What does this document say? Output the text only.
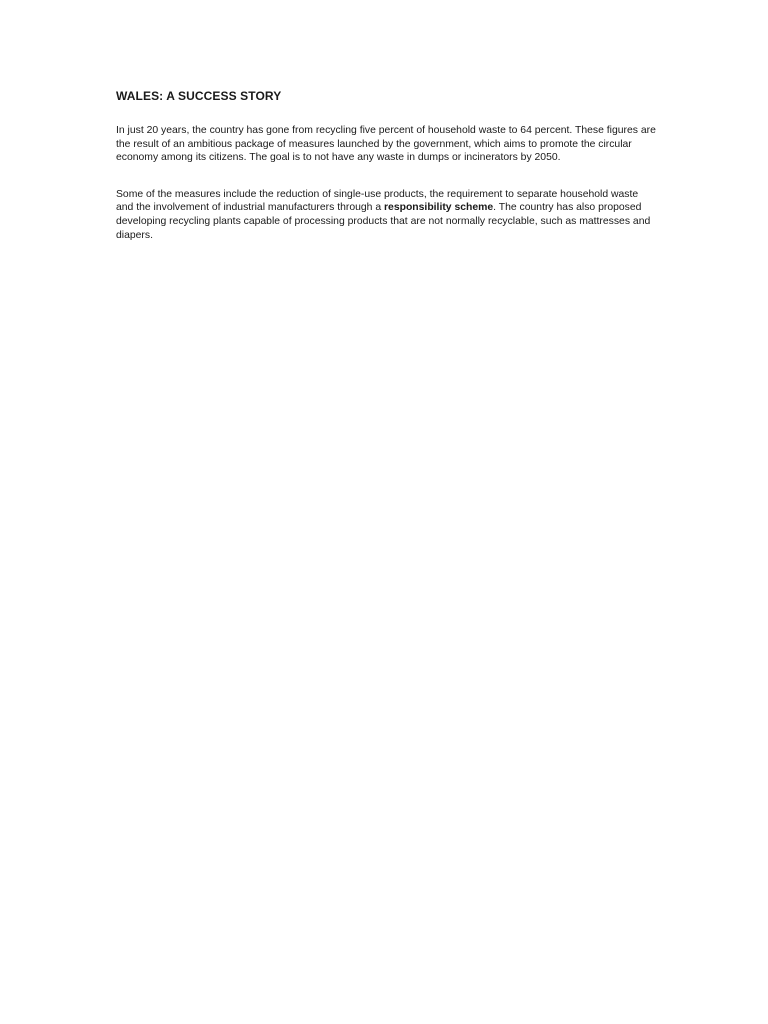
WALES: A SUCCESS STORY

In just 20 years, the country has gone from recycling five percent of household waste to 64 percent. These figures are the result of an ambitious package of measures launched by the government, which aims to promote the circular economy among its citizens. The goal is to not have any waste in dumps or incinerators by 2050.

Some of the measures include the reduction of single-use products, the requirement to separate household waste and the involvement of industrial manufacturers through a responsibility scheme. The country has also proposed developing recycling plants capable of processing products that are not normally recyclable, such as mattresses and diapers.
